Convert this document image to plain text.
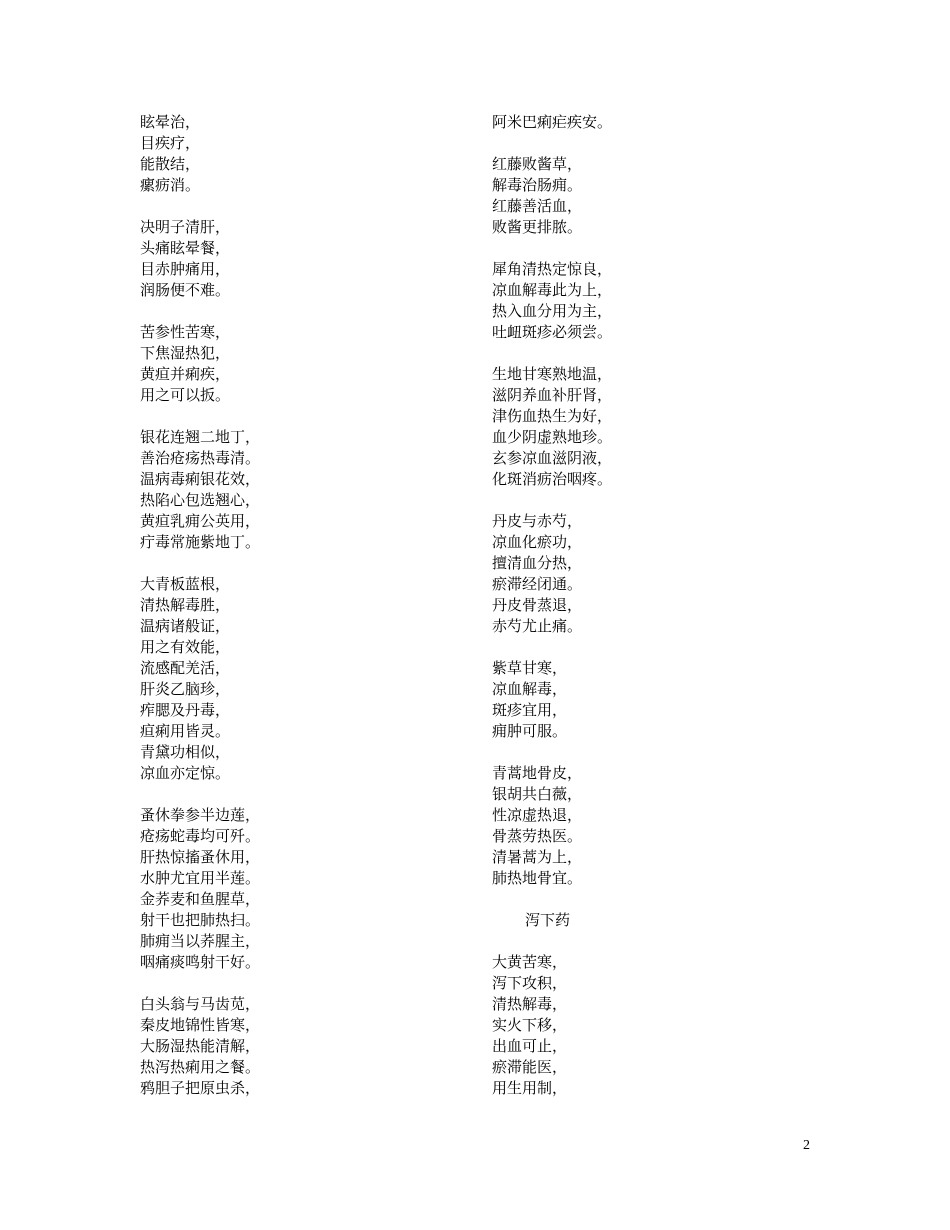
眩晕治，
目疾疗，
能散结，
瘰疬消。
决明子清肝，
头痛眩晕餐，
目赤肿痛用，
润肠便不难。
苦参性苦寒，
下焦湿热犯，
黄疸并痢疾，
用之可以扳。
银花连翘二地丁，
善治疮疡热毒清。
温病毒痢银花效，
热陷心包选翘心，
黄疸乳痈公英用，
疔毒常施紫地丁。
大青板蓝根，
清热解毒胜，
温病诸般证，
用之有效能，
流感配羌活，
肝炎乙脑珍，
痄腮及丹毒，
疸痢用皆灵。
青黛功相似，
凉血亦定惊。
蚤休拳参半边莲，
疮疡蛇毒均可歼。
肝热惊搐蚤休用，
水肿尤宜用半莲。
金荞麦和鱼腥草，
射干也把肺热扫。
肺痈当以荞腥主，
咽痛痰鸣射干好。
白头翁与马齿苋，
秦皮地锦性皆寒，
大肠湿热能清解，
热泻热痢用之餐。
鸦胆子把原虫杀，
阿米巴痢疟疾安。
红藤败酱草，
解毒治肠痈。
红藤善活血，
败酱更排脓。
犀角清热定惊良，
凉血解毒此为上，
热入血分用为主，
吐衄斑疹必须尝。
生地甘寒熟地温，
滋阴养血补肝肾，
津伤血热生为好，
血少阴虚熟地珍。
玄参凉血滋阴液，
化斑消疬治咽疼。
丹皮与赤芍，
凉血化瘀功，
擅清血分热，
瘀滞经闭通。
丹皮骨蒸退，
赤芍尤止痛。
紫草甘寒，
凉血解毒，
斑疹宜用，
痈肿可服。
青蒿地骨皮，
银胡共白薇，
性凉虚热退，
骨蒸劳热医。
清暑蒿为上，
肺热地骨宜。
泻下药
大黄苦寒，
泻下攻积，
清热解毒，
实火下移，
出血可止，
瘀滞能医，
用生用制，
2
